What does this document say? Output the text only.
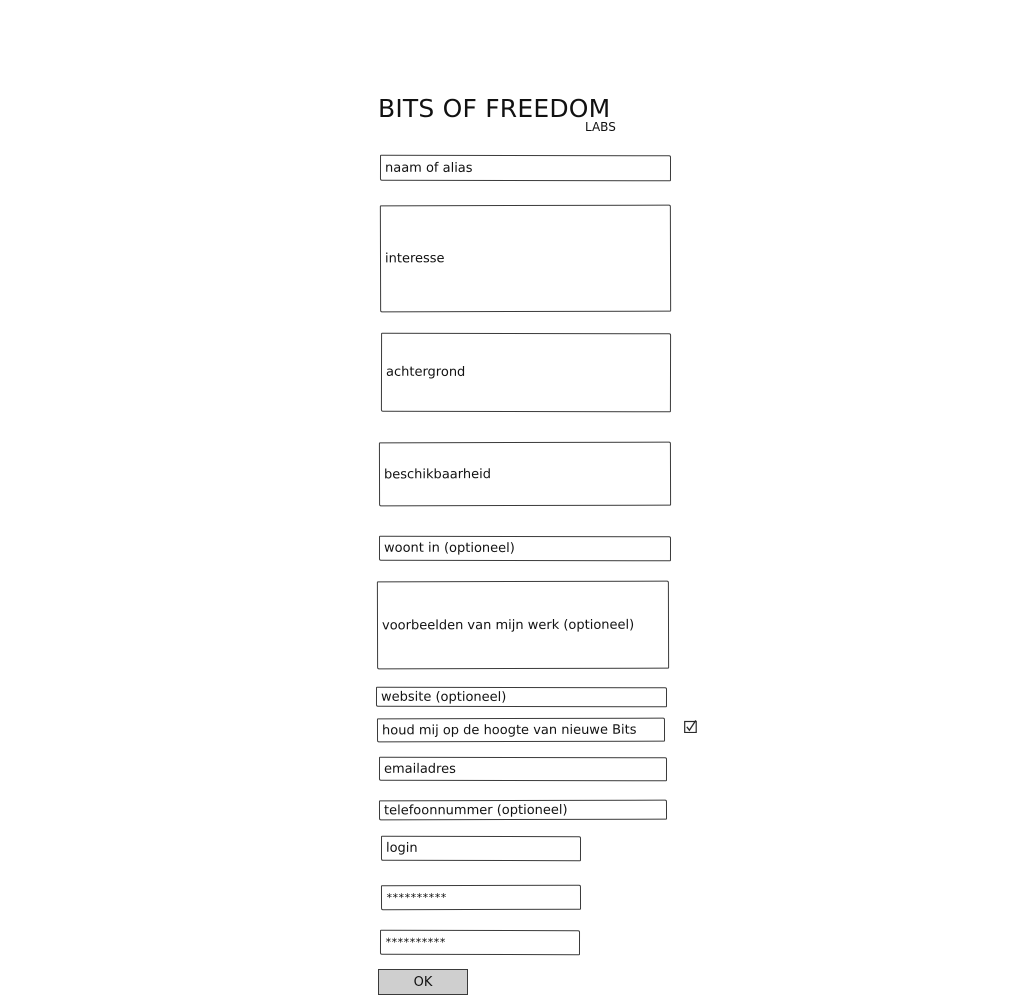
BITS OF FREEDOM
LABS
naam of alias
interesse
achtergrond
beschikbaarheid
woont in (optioneel)
voorbeelden van mijn werk (optioneel)
website (optioneel)
houd mij op de hoogte van nieuwe Bits
emailadres
telefoonnummer (optioneel)
login
**********
**********
OK
